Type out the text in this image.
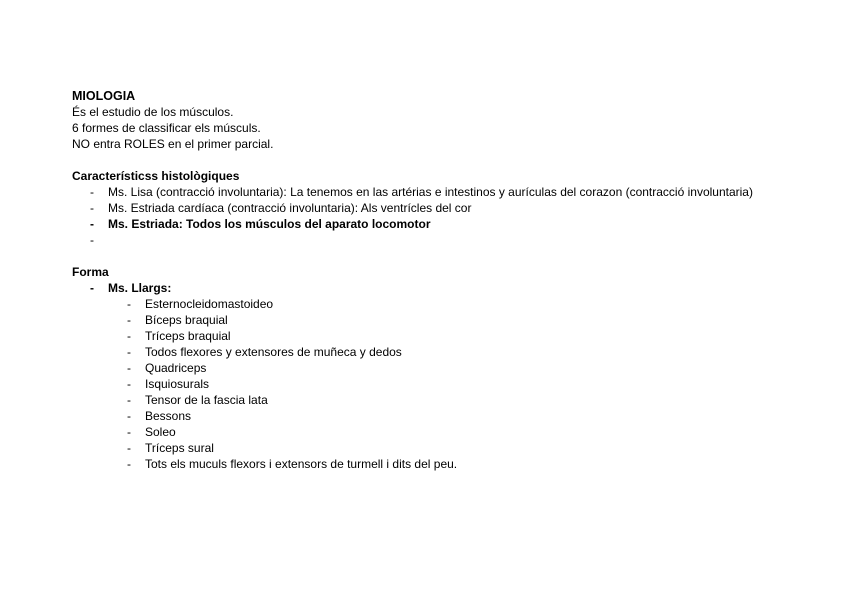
MIOLOGIA
És el estudio de los músculos.
6 formes de classificar els músculs.
NO entra ROLES en el primer parcial.
Característicss histològiques
- Ms. Lisa (contracció involuntaria): La tenemos en las artérias e intestinos y aurículas del corazon (contracció involuntaria)
- Ms. Estriada cardíaca (contracció involuntaria): Als ventrícles del cor
- Ms. Estriada: Todos los músculos del aparato locomotor
-

Forma
- Ms. Llargs:
- Esternocleidomastoideo
- Bíceps braquial
- Tríceps braquial
- Todos flexores y extensores de muñeca y dedos
- Quadriceps
- Isquiosurals
- Tensor de la fascia lata
- Bessons
- Soleo
- Tríceps sural
- Tots els muculs flexors i extensors de turmell i dits del peu.
